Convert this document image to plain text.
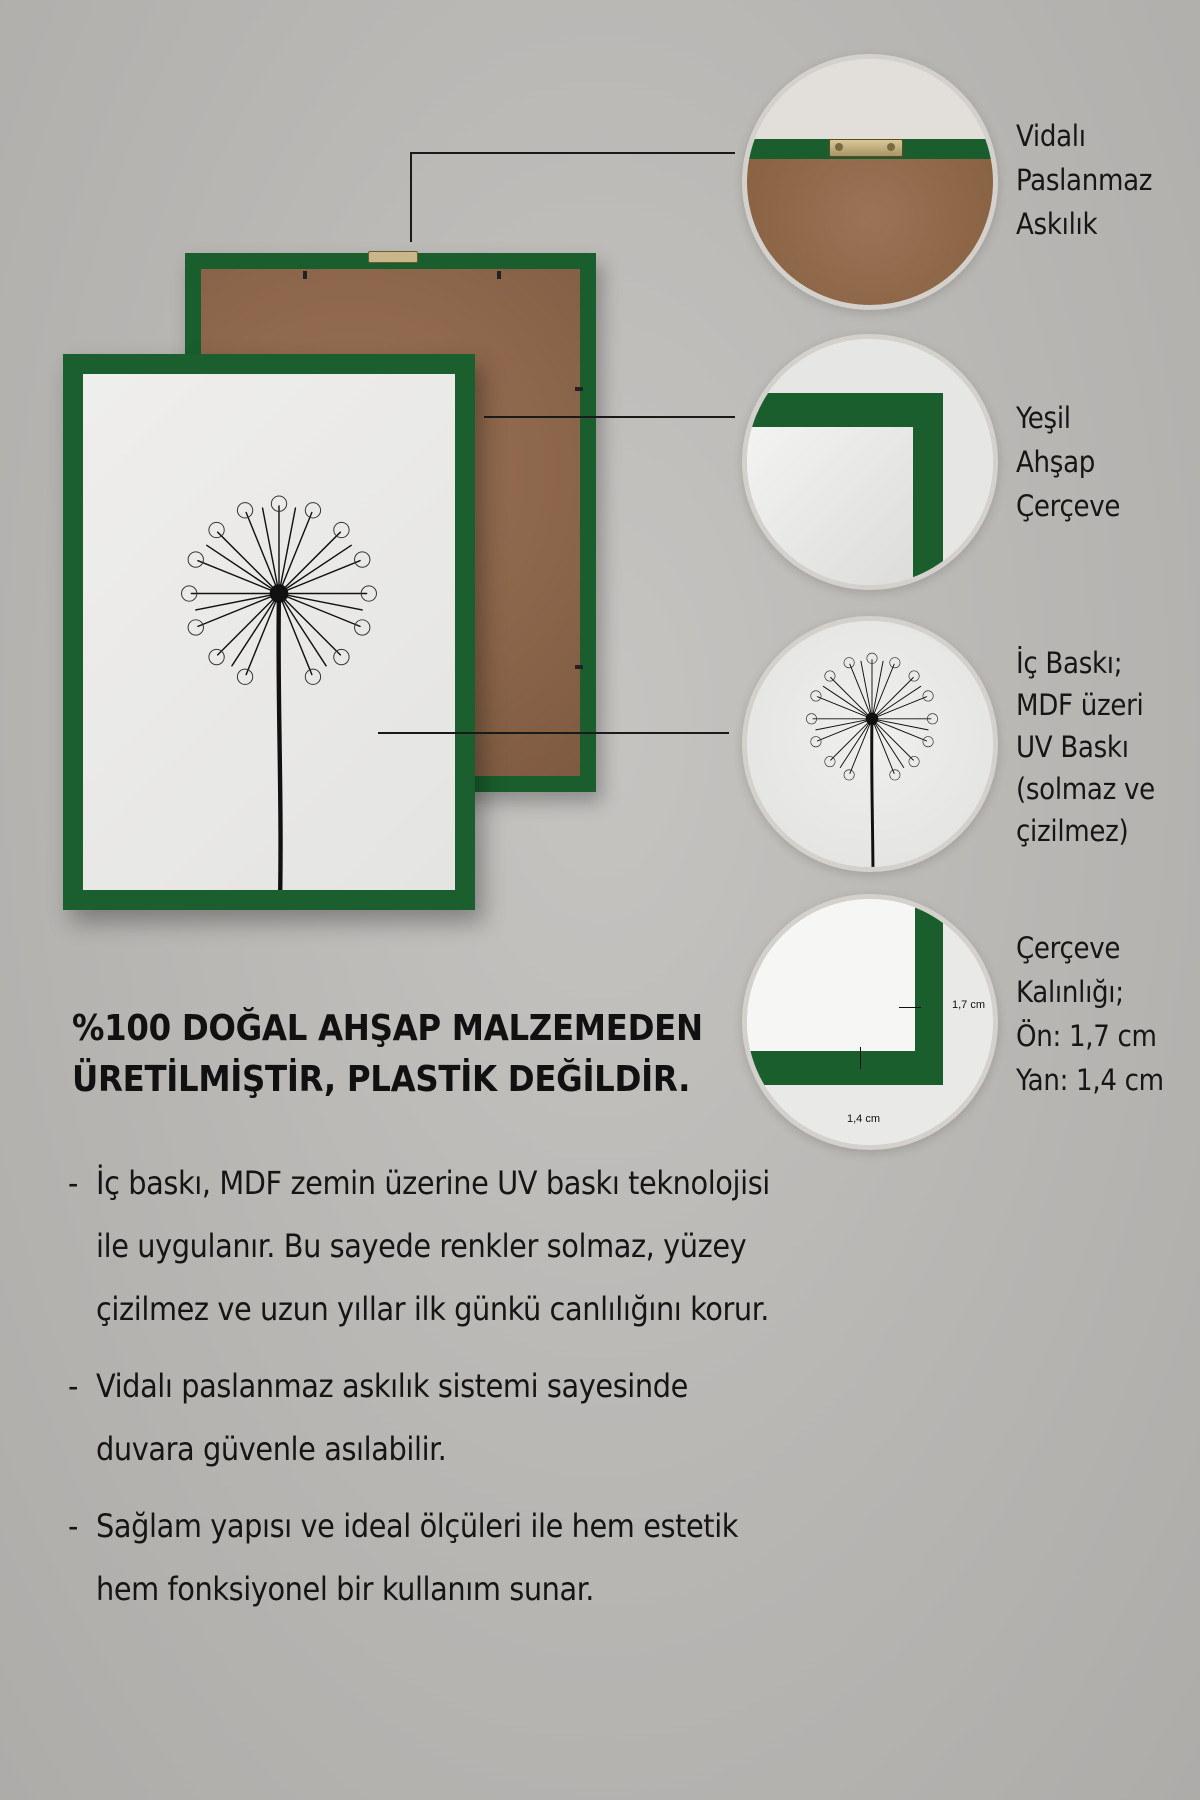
Vidalı
Paslanmaz
Askılık
Yeşil
Ahşap
Çerçeve
İç Baskı;
MDF üzeri
UV Baskı
(solmaz ve
çizilmez)
1,7 cm
1,4 cm
Çerçeve
Kalınlığı;
Ön: 1,7 cm
Yan: 1,4 cm
%100 DOĞAL AHŞAP MALZEMEDEN
ÜRETİLMİŞTİR, PLASTİK DEĞİLDİR.
- İç baskı, MDF zemin üzerine UV baskı teknolojisi ile uygulanır. Bu sayede renkler solmaz, yüzey çizilmez ve uzun yıllar ilk günkü canlılığını korur.
- Vidalı paslanmaz askılık sistemi sayesinde duvara güvenle asılabilir.
- Sağlam yapısı ve ideal ölçüleri ile hem estetik hem fonksiyonel bir kullanım sunar.
